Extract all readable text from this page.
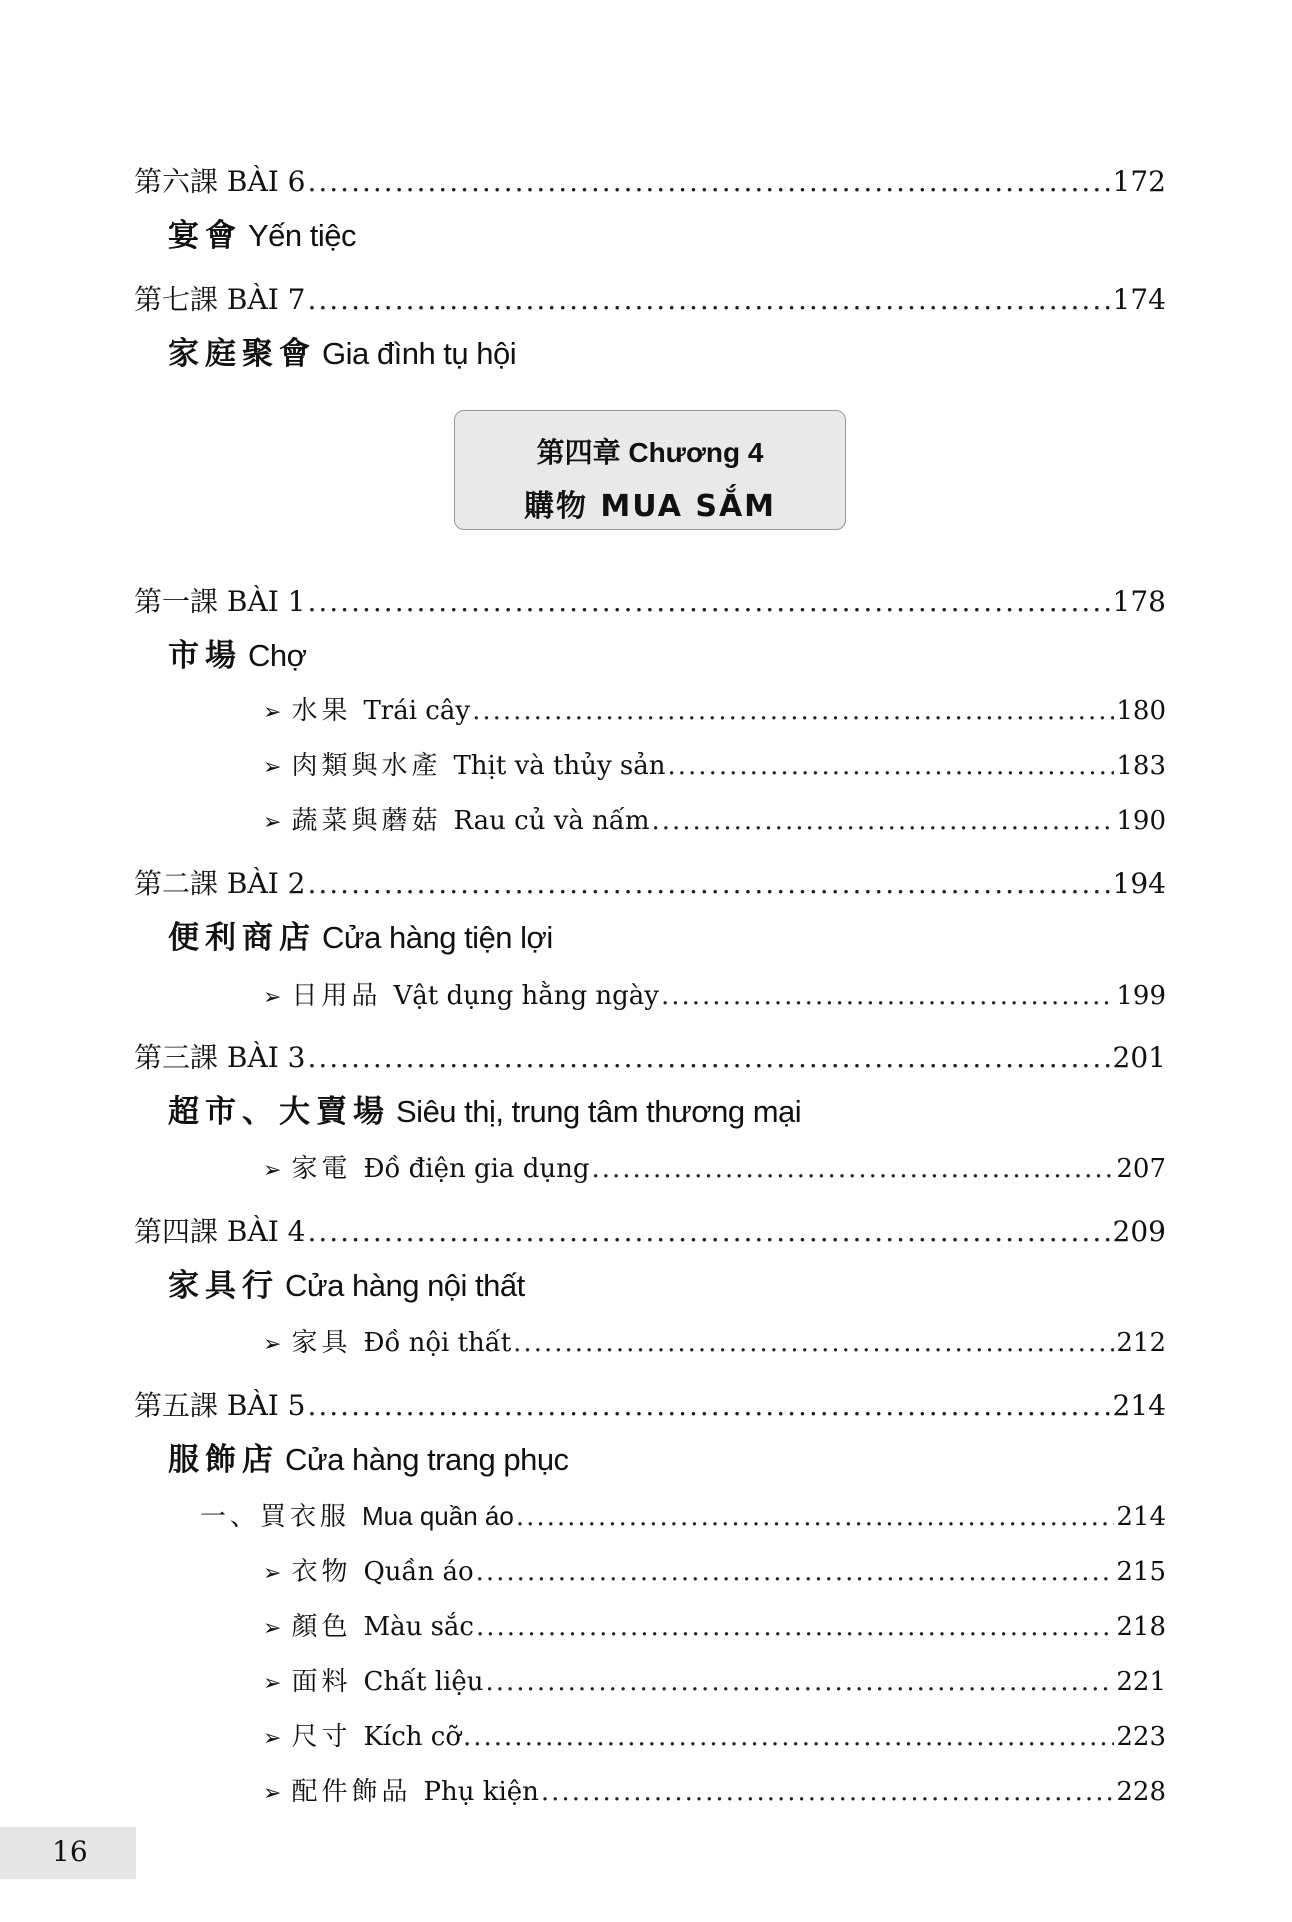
第六課 BÀI 6 .....	172
宴會 Yến tiệc
第七課 BÀI 7 .....	174
家庭聚會 Gia đình tụ hội
第四章 Chương 4
購物 MUA SẮM
第一課 BÀI 1 .....	178
市場 Chợ
➢ 水果 Trái cây .....	180
➢ 肉類與水產 Thịt và thủy sản .....	183
➢ 蔬菜與蘑菇 Rau củ và nấm .....	190
第二課 BÀI 2 .....	194
便利商店 Cửa hàng tiện lợi
➢ 日用品 Vật dụng hằng ngày .....	199
第三課 BÀI 3 .....	201
超市、大賣場 Siêu thị, trung tâm thương mại
➢ 家電 Đồ điện gia dụng .....	207
第四課 BÀI 4 .....	209
家具行 Cửa hàng nội thất
➢ 家具 Đồ nội thất .....	212
第五課 BÀI 5 .....	214
服飾店 Cửa hàng trang phục
一、買衣服 Mua quần áo .....	214
➢ 衣物 Quần áo .....	215
➢ 顏色 Màu sắc .....	218
➢ 面料 Chất liệu .....	221
➢ 尺寸 Kích cỡ .....	223
➢ 配件飾品 Phụ kiện .....	228
16
